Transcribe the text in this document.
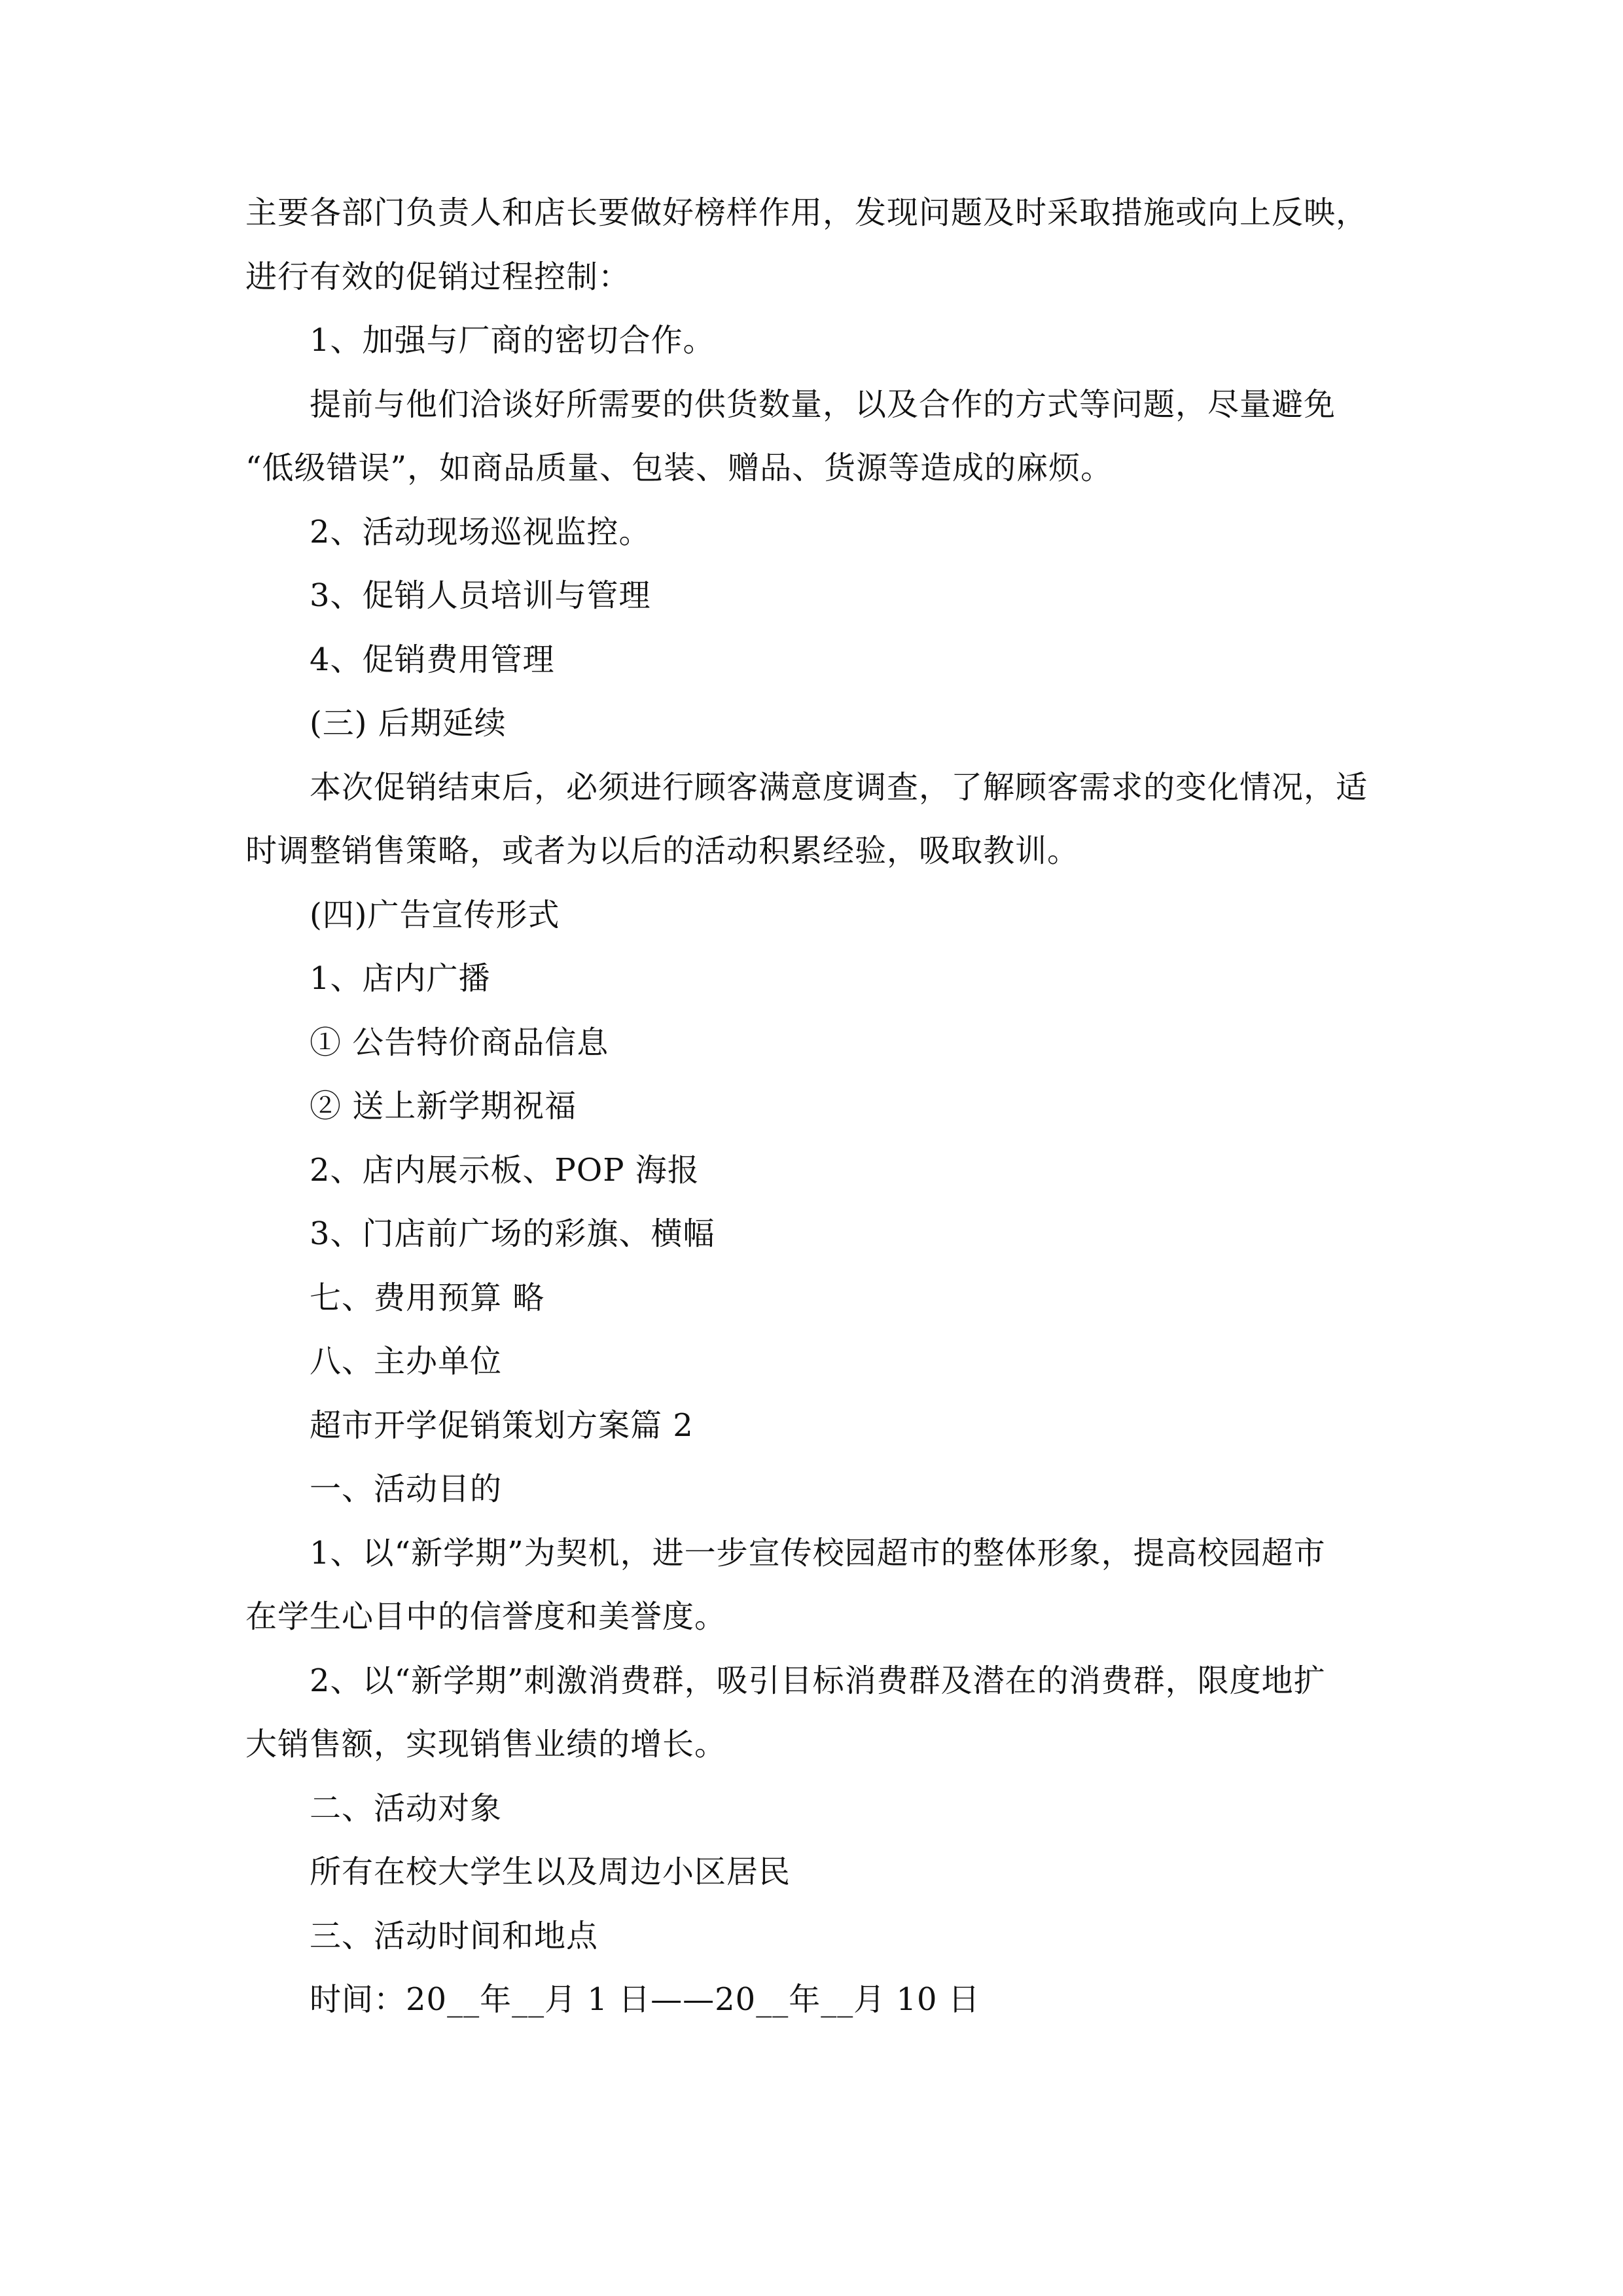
主要各部门负责人和店长要做好榜样作用，发现问题及时采取措施或向上反映，

进行有效的促销过程控制：

1、加强与厂商的密切合作。

提前与他们洽谈好所需要的供货数量，以及合作的方式等问题，尽量避免

“低级错误”，如商品质量、包装、赠品、货源等造成的麻烦。

2、活动现场巡视监控。

3、促销人员培训与管理

4、促销费用管理

(三) 后期延续

本次促销结束后，必须进行顾客满意度调查，了解顾客需求的变化情况，适

时调整销售策略，或者为以后的活动积累经验，吸取教训。

(四)广告宣传形式

1、店内广播

① 公告特价商品信息

② 送上新学期祝福

2、店内展示板、POP 海报

3、门店前广场的彩旗、横幅

七、费用预算 略

八、主办单位

超市开学促销策划方案篇 2

一、活动目的

1、以“新学期”为契机，进一步宣传校园超市的整体形象，提高校园超市

在学生心目中的信誉度和美誉度。

2、以“新学期”刺激消费群，吸引目标消费群及潜在的消费群，限度地扩

大销售额，实现销售业绩的增长。

二、活动对象

所有在校大学生以及周边小区居民

三、活动时间和地点

时间：20__年__月 1 日——20__年__月 10 日
